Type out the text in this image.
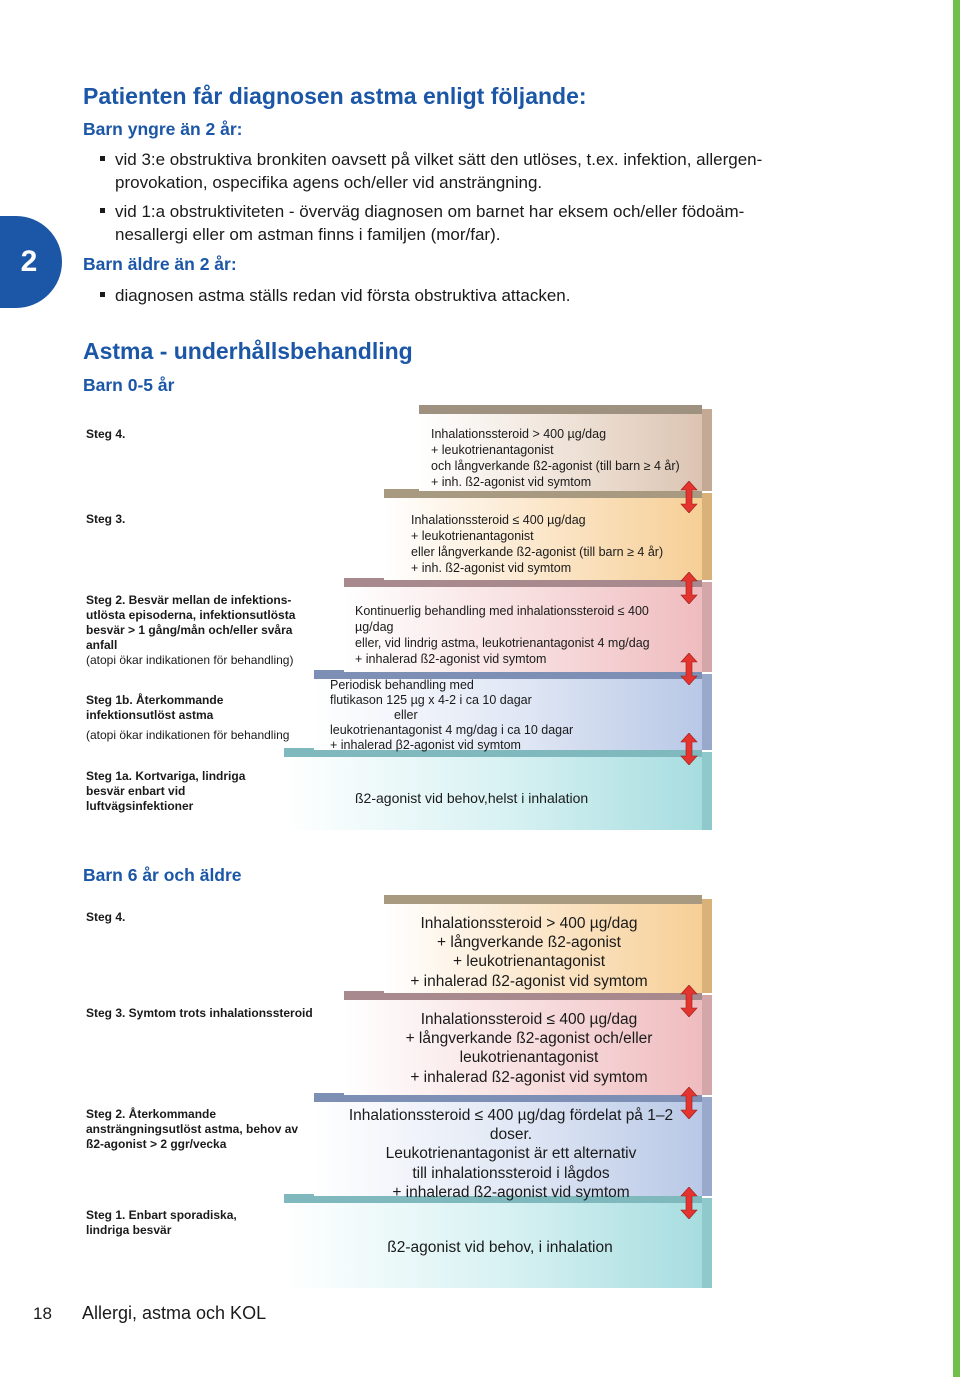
2
Patienten får diagnosen astma enligt följande:
Barn yngre än 2 år:
vid 3:e obstruktiva bronkiten oavsett på vilket sätt den utlöses, t.ex. infektion, allergen-
provokation, ospecifika agens och/eller vid ansträngning.
vid 1:a obstruktiviteten - överväg diagnosen om barnet har eksem och/eller födoäm-
nesallergi eller om astman finns i familjen (mor/far).
Barn äldre än 2 år:
diagnosen astma ställs redan vid första obstruktiva attacken.
Astma - underhållsbehandling
Barn 0-5 år
Steg 4.
Steg 3.
Steg 2. Besvär mellan de infektions-
utlösta episoderna, infektionsutlösta
besvär > 1 gång/mån och/eller svåra
anfall
(atopi ökar indikationen för behandling)
Steg 1b. Återkommande
infektionsutlöst astma
(atopi ökar indikationen för behandling
Steg 1a. Kortvariga, lindriga
besvär enbart vid
luftvägsinfektioner
Inhalationssteroid > 400 µg/dag
+ leukotrienantagonist
och långverkande ß2-agonist (till barn ≥ 4 år)
+ inh. ß2-agonist vid symtom
Inhalationssteroid ≤ 400 µg/dag
+ leukotrienantagonist
eller långverkande ß2-agonist (till barn ≥ 4 år)
+ inh. ß2-agonist vid symtom
Kontinuerlig behandling med inhalationssteroid ≤ 400
µg/dag
eller, vid lindrig astma, leukotrienantagonist 4 mg/dag
+ inhalerad ß2-agonist vid symtom
Periodisk behandling med
flutikason 125 µg x 4-2 i ca 10 dagar
eller
leukotrienantagonist 4 mg/dag i ca 10 dagar
+ inhalerad β2-agonist vid symtom
ß2-agonist vid behov,helst i inhalation
Barn 6 år och äldre
Steg 4.
Steg 3. Symtom trots inhalationssteroid
Steg 2. Återkommande
ansträngningsutlöst astma, behov av
ß2-agonist > 2 ggr/vecka
Steg 1. Enbart sporadiska,
lindriga besvär
Inhalationssteroid > 400 µg/dag
+ långverkande ß2-agonist
+ leukotrienantagonist
+ inhalerad ß2-agonist vid symtom
Inhalationssteroid ≤ 400 µg/dag
+ långverkande ß2-agonist och/eller
leukotrienantagonist
+ inhalerad ß2-agonist vid symtom
Inhalationssteroid ≤ 400 µg/dag fördelat på 1–2
doser.
Leukotrienantagonist är ett alternativ
till inhalationssteroid i lågdos
+ inhalerad ß2-agonist vid symtom
ß2-agonist vid behov, i inhalation
18 Allergi, astma och KOL
